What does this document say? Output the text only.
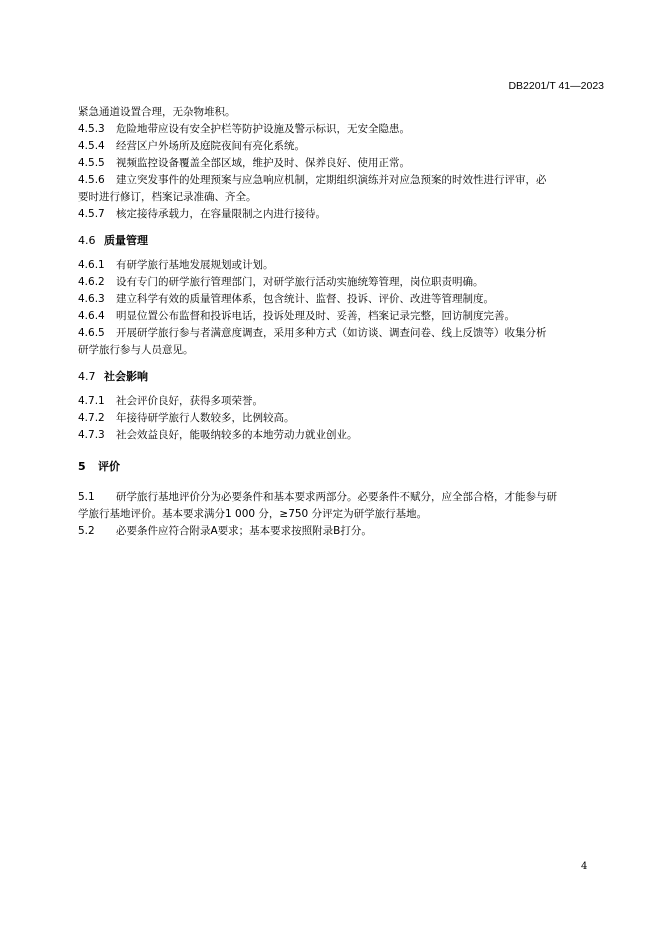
DB2201/T 41—2023
紧急通道设置合理，无杂物堆积。
4.5.3 危险地带应设有安全护栏等防护设施及警示标识，无安全隐患。
4.5.4 经营区户外场所及庭院夜间有亮化系统。
4.5.5 视频监控设备覆盖全部区域，维护及时、保养良好、使用正常。
4.5.6 建立突发事件的处理预案与应急响应机制，定期组织演练并对应急预案的时效性进行评审，必
要时进行修订，档案记录准确、齐全。
4.5.7 核定接待承载力，在容量限制之内进行接待。
4.6 质量管理
4.6.1 有研学旅行基地发展规划或计划。
4.6.2 设有专门的研学旅行管理部门，对研学旅行活动实施统筹管理，岗位职责明确。
4.6.3 建立科学有效的质量管理体系，包含统计、监督、投诉、评价、改进等管理制度。
4.6.4 明显位置公布监督和投诉电话，投诉处理及时、妥善，档案记录完整，回访制度完善。
4.6.5 开展研学旅行参与者满意度调查，采用多种方式（如访谈、调查问卷、线上反馈等）收集分析
研学旅行参与人员意见。
4.7 社会影响
4.7.1 社会评价良好，获得多项荣誉。
4.7.2 年接待研学旅行人数较多，比例较高。
4.7.3 社会效益良好，能吸纳较多的本地劳动力就业创业。
5 评价
5.1 研学旅行基地评价分为必要条件和基本要求两部分。必要条件不赋分，应全部合格，才能参与研
学旅行基地评价。基本要求满分1 000 分，≥750 分评定为研学旅行基地。
5.2 必要条件应符合附录A要求；基本要求按照附录B打分。
4
